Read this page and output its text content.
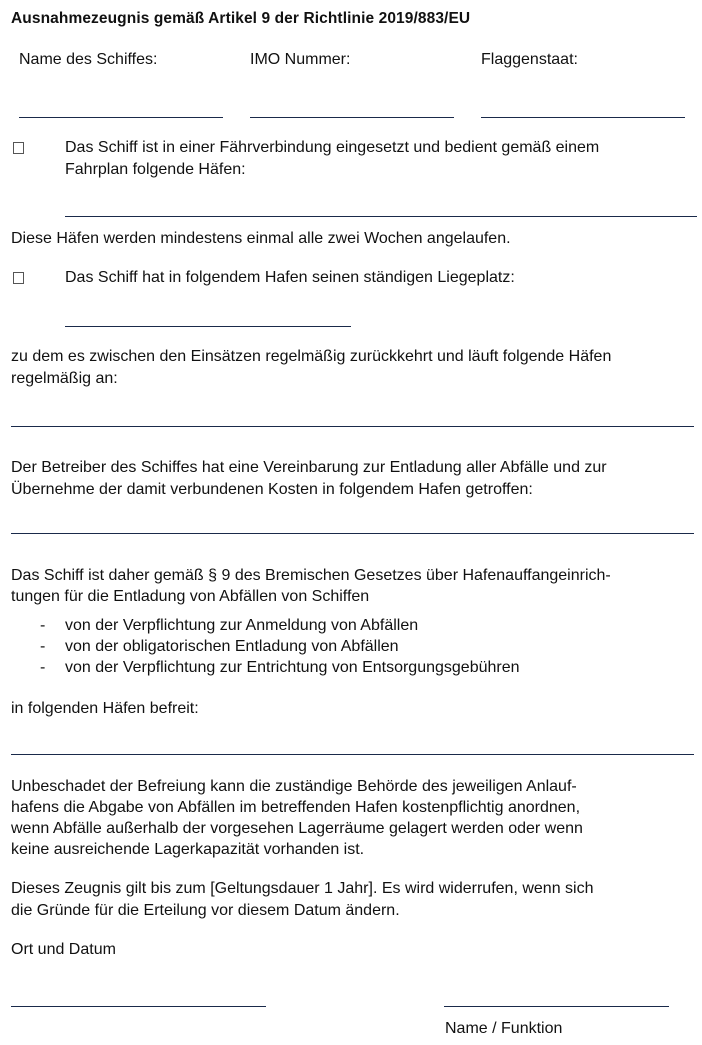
Ausnahmezeugnis gemäß Artikel 9 der Richtlinie 2019/883/EU
Name des Schiffes:	IMO Nummer:	Flaggenstaat:
Das Schiff ist in einer Fährverbindung eingesetzt und bedient gemäß einem
Fahrplan folgende Häfen:
Diese Häfen werden mindestens einmal alle zwei Wochen angelaufen.
Das Schiff hat in folgendem Hafen seinen ständigen Liegeplatz:
zu dem es zwischen den Einsätzen regelmäßig zurückkehrt und läuft folgende Häfen
regelmäßig an:
Der Betreiber des Schiffes hat eine Vereinbarung zur Entladung aller Abfälle und zur
Übernehme der damit verbundenen Kosten in folgendem Hafen getroffen:
Das Schiff ist daher gemäß § 9 des Bremischen Gesetzes über Hafenauffangeinrich-
tungen für die Entladung von Abfällen von Schiffen
- von der Verpflichtung zur Anmeldung von Abfällen
- von der obligatorischen Entladung von Abfällen
- von der Verpflichtung zur Entrichtung von Entsorgungsgebühren
in folgenden Häfen befreit:
Unbeschadet der Befreiung kann die zuständige Behörde des jeweiligen Anlauf-
hafens die Abgabe von Abfällen im betreffenden Hafen kostenpflichtig anordnen,
wenn Abfälle außerhalb der vorgesehen Lagerräume gelagert werden oder wenn
keine ausreichende Lagerkapazität vorhanden ist.
Dieses Zeugnis gilt bis zum [Geltungsdauer 1 Jahr]. Es wird widerrufen, wenn sich
die Gründe für die Erteilung vor diesem Datum ändern.
Ort und Datum
Name / Funktion
